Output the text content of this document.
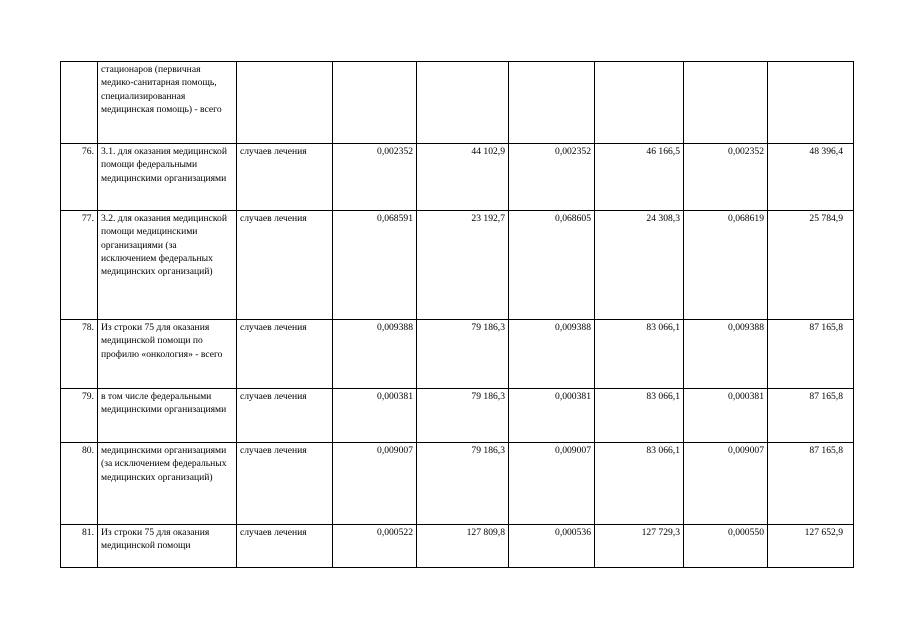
	стационаров (первичная медико-санитарная помощь, специализированная медицинская помощь) - всего							
76.	3.1. для оказания медицинской помощи федеральными медицинскими организациями	случаев лечения	0,002352	44 102,9	0,002352	46 166,5	0,002352	48 396,4
77.	3.2. для оказания медицинской помощи медицинскими организациями (за исключением федеральных медицинских организаций)	случаев лечения	0,068591	23 192,7	0,068605	24 308,3	0,068619	25 784,9
78.	Из строки 75 для оказания медицинской помощи по профилю «онкология» - всего	случаев лечения	0,009388	79 186,3	0,009388	83 066,1	0,009388	87 165,8
79.	в том числе федеральными медицинскими организациями	случаев лечения	0,000381	79 186,3	0,000381	83 066,1	0,000381	87 165,8
80.	медицинскими организациями (за исключением федеральных медицинских организаций)	случаев лечения	0,009007	79 186,3	0,009007	83 066,1	0,009007	87 165,8
81.	Из строки 75 для оказания медицинской помощи	случаев лечения	0,000522	127 809,8	0,000536	127 729,3	0,000550	127 652,9
